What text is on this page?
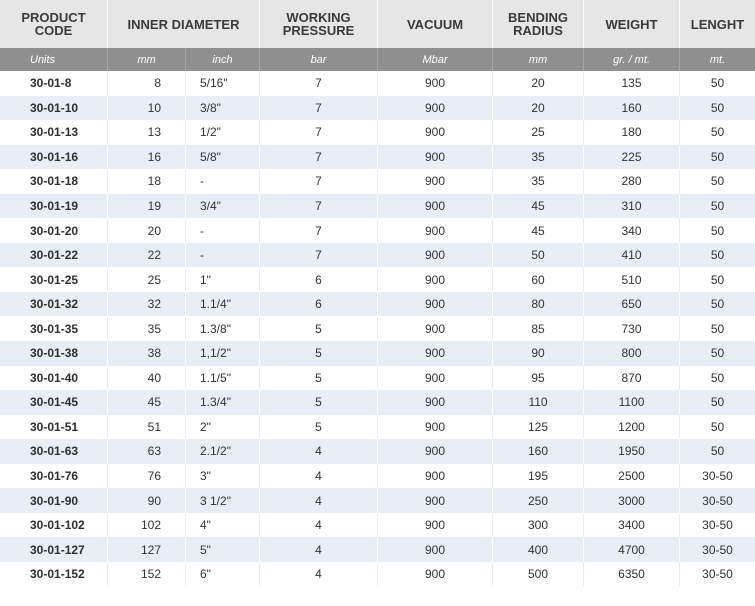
PRODUCT
CODE	INNER DIAMETER		WORKING
PRESSURE	VACUUM	BENDING
RADIUS	WEIGHT	LENGHT
Units	mm	inch	bar	Mbar	mm	gr. / mt.	mt.
30-01-8	8	5/16"	7	900	20	135	50
30-01-10	10	3/8"	7	900	20	160	50
30-01-13	13	1/2"	7	900	25	180	50
30-01-16	16	5/8"	7	900	35	225	50
30-01-18	18	-	7	900	35	280	50
30-01-19	19	3/4"	7	900	45	310	50
30-01-20	20	-	7	900	45	340	50
30-01-22	22	-	7	900	50	410	50
30-01-25	25	1"	6	900	60	510	50
30-01-32	32	1.1/4"	6	900	80	650	50
30-01-35	35	1.3/8"	5	900	85	730	50
30-01-38	38	1,1/2"	5	900	90	800	50
30-01-40	40	1.1/5"	5	900	95	870	50
30-01-45	45	1.3/4"	5	900	110	1100	50
30-01-51	51	2"	5	900	125	1200	50
30-01-63	63	2.1/2"	4	900	160	1950	50
30-01-76	76	3"	4	900	195	2500	30-50
30-01-90	90	3 1/2"	4	900	250	3000	30-50
30-01-102	102	4"	4	900	300	3400	30-50
30-01-127	127	5"	4	900	400	4700	30-50
30-01-152	152	6"	4	900	500	6350	30-50
